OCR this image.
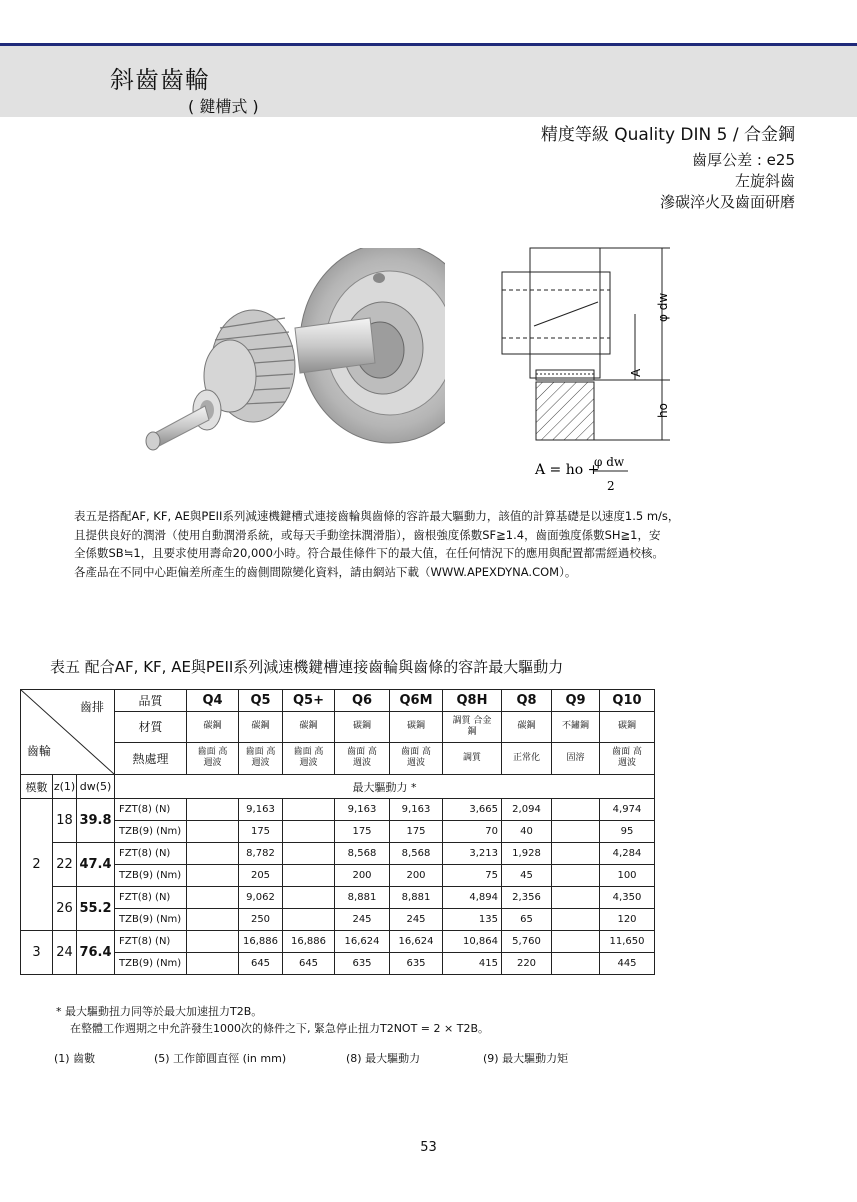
斜齒齒輪
( 鍵槽式 )
精度等級 Quality DIN 5 / 合金鋼
齒厚公差 : e25
左旋斜齒
滲碳淬火及齒面研磨
φ dw
A
ho
A = ho +
φ dw
2
表五是搭配AF, KF, AE與PEII系列減速機鍵槽式連接齒輪與齒條的容許最大驅動力，該值的計算基礎是以速度1.5 m/s，
且提供良好的潤滑（使用自動潤滑系統，或每天手動塗抹潤滑脂），齒根強度係數SF≧1.4，齒面強度係數SH≧1，安
全係數SB≒1，且要求使用壽命20,000小時。符合最佳條件下的最大值，在任何情況下的應用與配置都需經過校核。
各產品在不同中心距偏差所產生的齒側間隙變化資料，請由網站下載（WWW.APEXDYNA.COM）。
表五 配合AF, KF, AE與PEII系列減速機鍵槽連接齒輪與齒條的容許最大驅動力
齒排
齒輪			品質	Q4	Q5	Q5+	Q6	Q6M	Q8H	Q8	Q9	Q10
			材質	碳鋼	碳鋼	碳鋼	碳鋼	碳鋼	調質 合金鋼	碳鋼	不鏽鋼	碳鋼
			熱處理	齒面 高週波	齒面 高週波	齒面 高週波	齒面 高週波	齒面 高週波	調質	正常化	固溶	齒面 高週波
模數	z(1)	dw(5)	最大驅動力 *									
2	18	39.8	FZT(8) (N)		9,163		9,163	9,163	3,665	2,094		4,974
			TZB(9) (Nm)		175		175	175	70	40		95
	22	47.4	FZT(8) (N)		8,782		8,568	8,568	3,213	1,928		4,284
			TZB(9) (Nm)		205		200	200	75	45		100
	26	55.2	FZT(8) (N)		9,062		8,881	8,881	4,894	2,356		4,350
			TZB(9) (Nm)		250		245	245	135	65		120
3	24	76.4	FZT(8) (N)		16,886	16,886	16,624	16,624	10,864	5,760		11,650
			TZB(9) (Nm)		645	645	635	635	415	220		445
* 最大驅動扭力同等於最大加速扭力T2B。
在整體工作週期之中允許發生1000次的條件之下, 緊急停止扭力T2NOT = 2 × T2B。
(1) 齒數	(5) 工作節圓直徑 (in mm)	(8) 最大驅動力	(9) 最大驅動力矩
53
